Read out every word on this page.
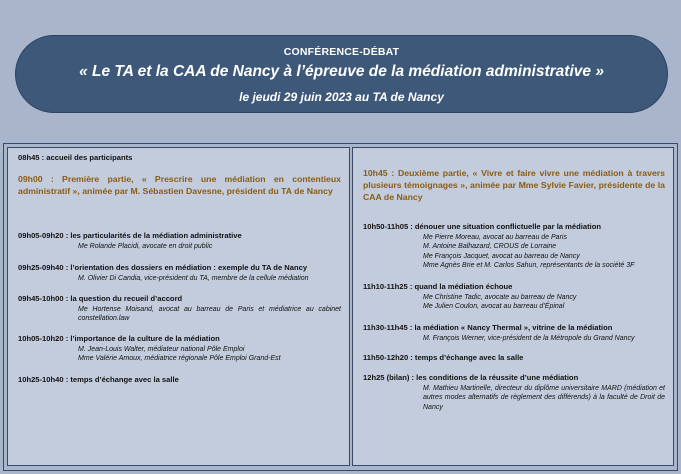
CONFÉRENCE-DÉBAT
« Le TA et la CAA de Nancy à l’épreuve de la médiation administrative »
le jeudi 29 juin 2023 au TA de Nancy
08h45 : accueil des participants
09h00 : Première partie, « Prescrire une médiation en contentieux administratif », animée par M. Sébastien Davesne, président du TA de Nancy
09h05-09h20 : les particularités de la médiation administrative
Me Rolande Placidi, avocate en droit public
09h25-09h40 : l’orientation des dossiers en médiation : exemple du TA de Nancy
M. Olivier Di Candia, vice-président du TA, membre de la cellule médiation
09h45-10h00 : la question du recueil d’accord
Me Hortense Moisand, avocat au barreau de Paris et médiatrice au cabinet constellation.law
10h05-10h20 : l’importance de la culture de la médiation
M. Jean-Louis Walter, médiateur national Pôle Emploi
Mme Valérie Amoux, médiatrice régionale Pôle Emploi Grand-Est
10h25-10h40 : temps d’échange avec la salle
10h45 : Deuxième partie, « Vivre et faire vivre une médiation à travers plusieurs témoignages », animée par Mme Sylvie Favier, présidente de la CAA de Nancy
10h50-11h05 : dénouer une situation conflictuelle par la médiation
Me Pierre Moreau, avocat au barreau de Paris
M. Antoine Balhazard, CROUS de Lorraine
Me François Jacquet, avocat au barreau de Nancy
Mme Agnès Brie et M. Carlos Sahun, représentants de la société 3F
11h10-11h25 : quand la médiation échoue
Me Christine Tadic, avocate au barreau de Nancy
Me Julien Coulon, avocat au barreau d’Épinal
11h30-11h45 : la médiation « Nancy Thermal », vitrine de la médiation
M. François Werner, vice-président de la Métropole du Grand Nancy
11h50-12h20 : temps d’échange avec la salle
12h25 (bilan) : les conditions de la réussite d’une médiation
M. Mathieu Martinelle, directeur du diplôme universitaire MARD (médiation et autres modes alternatifs de règlement des différends) à la faculté de Droit de Nancy
